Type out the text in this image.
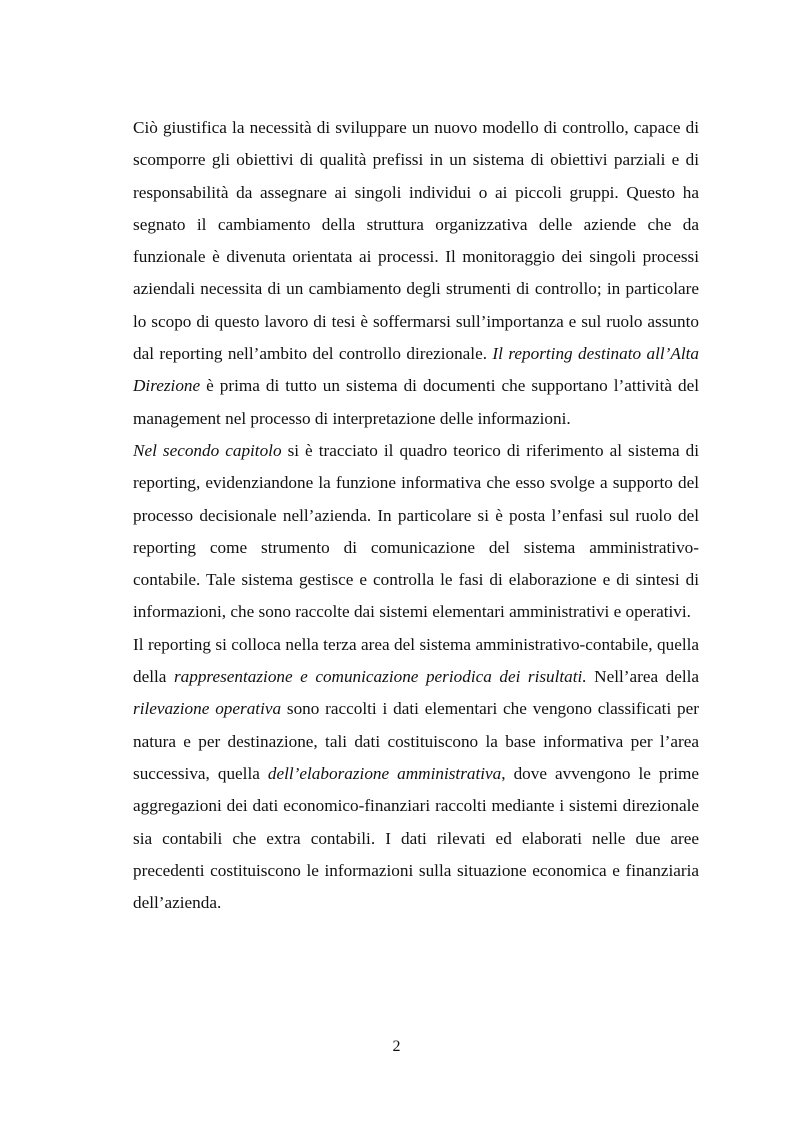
Ciò giustifica la necessità di sviluppare un nuovo modello di controllo, capace di scomporre gli obiettivi di qualità prefissi in un sistema di obiettivi parziali e di responsabilità da assegnare ai singoli individui o ai piccoli gruppi. Questo ha segnato il cambiamento della struttura organizzativa delle aziende che da funzionale è divenuta orientata ai processi. Il monitoraggio dei singoli processi aziendali necessita di un cambiamento degli strumenti di controllo; in particolare lo scopo di questo lavoro di tesi è soffermarsi sull’importanza e sul ruolo assunto dal reporting nell’ambito del controllo direzionale. Il reporting destinato all’Alta Direzione è prima di tutto un sistema di documenti che supportano l’attività del management nel processo di interpretazione delle informazioni.

Nel secondo capitolo si è tracciato il quadro teorico di riferimento al sistema di reporting, evidenziandone la funzione informativa che esso svolge a supporto del processo decisionale nell’azienda. In particolare si è posta l’enfasi sul ruolo del reporting come strumento di comunicazione del sistema amministrativo-contabile. Tale sistema gestisce e controlla le fasi di elaborazione e di sintesi di informazioni, che sono raccolte dai sistemi elementari amministrativi e operativi.

Il reporting si colloca nella terza area del sistema amministrativo-contabile, quella della rappresentazione e comunicazione periodica dei risultati. Nell’area della rilevazione operativa sono raccolti i dati elementari che vengono classificati per natura e per destinazione, tali dati costituiscono la base informativa per l’area successiva, quella dell’elaborazione amministrativa, dove avvengono le prime aggregazioni dei dati economico-finanziari raccolti mediante i sistemi direzionale sia contabili che extra contabili. I dati rilevati ed elaborati nelle due aree precedenti costituiscono le informazioni sulla situazione economica e finanziaria dell’azienda.

2
